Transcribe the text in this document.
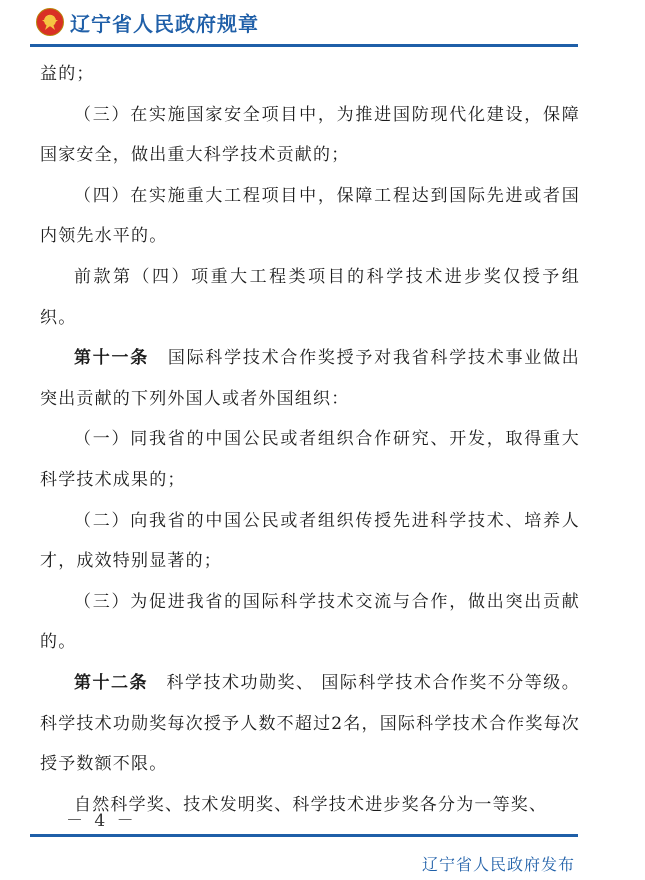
辽宁省人民政府规章

益的；

（三）在实施国家安全项目中，为推进国防现代化建设，保障国家安全，做出重大科学技术贡献的；

（四）在实施重大工程项目中，保障工程达到国际先进或者国内领先水平的。

前款第（四）项重大工程类项目的科学技术进步奖仅授予组织。

第十一条　 国际科学技术合作奖授予对我省科学技术事业做出突出贡献的下列外国人或者外国组织：

（一）同我省的中国公民或者组织合作研究、开发，取得重大科学技术成果的；

（二）向我省的中国公民或者组织传授先进科学技术、培养人才，成效特别显著的；

（三）为促进我省的国际科学技术交流与合作，做出突出贡献的。

第十二条　 科学技术功勋奖、 国际科学技术合作奖不分等级。科学技术功勋奖每次授予人数不超过2名，国际科学技术合作奖每次授予数额不限。

自然科学奖、技术发明奖、科学技术进步奖各分为一等奖、

－ 4 －
辽宁省人民政府发布
